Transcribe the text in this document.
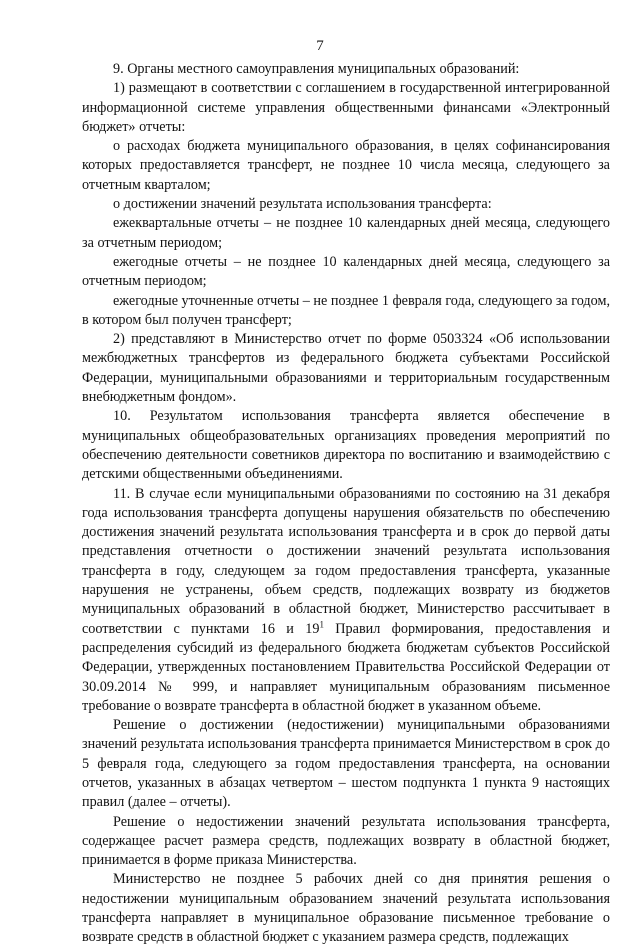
7

9. Органы местного самоуправления муниципальных образований:

1) размещают в соответствии с соглашением в государственной интегрированной информационной системе управления общественными финансами «Электронный бюджет» отчеты:

о расходах бюджета муниципального образования, в целях софинансирования которых предоставляется трансферт, не позднее 10 числа месяца, следующего за отчетным кварталом;

о достижении значений результата использования трансферта:

ежеквартальные отчеты – не позднее 10 календарных дней месяца, следующего за отчетным периодом;

ежегодные отчеты – не позднее 10 календарных дней месяца, следующего за отчетным периодом;

ежегодные уточненные отчеты – не позднее 1 февраля года, следующего за годом, в котором был получен трансферт;

2) представляют в Министерство отчет по форме 0503324 «Об использовании межбюджетных трансфертов из федерального бюджета субъектами Российской Федерации, муниципальными образованиями и территориальным государственным внебюджетным фондом».

10. Результатом использования трансферта является обеспечение в муниципальных общеобразовательных организациях проведения мероприятий по обеспечению деятельности советников директора по воспитанию и взаимодействию с детскими общественными объединениями.

11. В случае если муниципальными образованиями по состоянию на 31 декабря года использования трансферта допущены нарушения обязательств по обеспечению достижения значений результата использования трансферта и в срок до первой даты представления отчетности о достижении значений результата использования трансферта в году, следующем за годом предоставления трансферта, указанные нарушения не устранены, объем средств, подлежащих возврату из бюджетов муниципальных образований в областной бюджет, Министерство рассчитывает в соответствии с пунктами 16 и $19^1$ Правил формирования, предоставления и распределения субсидий из федерального бюджета бюджетам субъектов Российской Федерации, утвержденных постановлением Правительства Российской Федерации от 30.09.2014 № 999, и направляет муниципальным образованиям письменное требование о возврате трансферта в областной бюджет в указанном объеме.

Решение о достижении (недостижении) муниципальными образованиями значений результата использования трансферта принимается Министерством в срок до 5 февраля года, следующего за годом предоставления трансферта, на основании отчетов, указанных в абзацах четвертом – шестом подпункта 1 пункта 9 настоящих правил (далее – отчеты).

Решение о недостижении значений результата использования трансферта, содержащее расчет размера средств, подлежащих возврату в областной бюджет, принимается в форме приказа Министерства.

Министерство не позднее 5 рабочих дней со дня принятия решения о недостижении муниципальным образованием значений результата использования трансферта направляет в муниципальное образование письменное требование о возврате средств в областной бюджет с указанием размера средств, подлежащих
